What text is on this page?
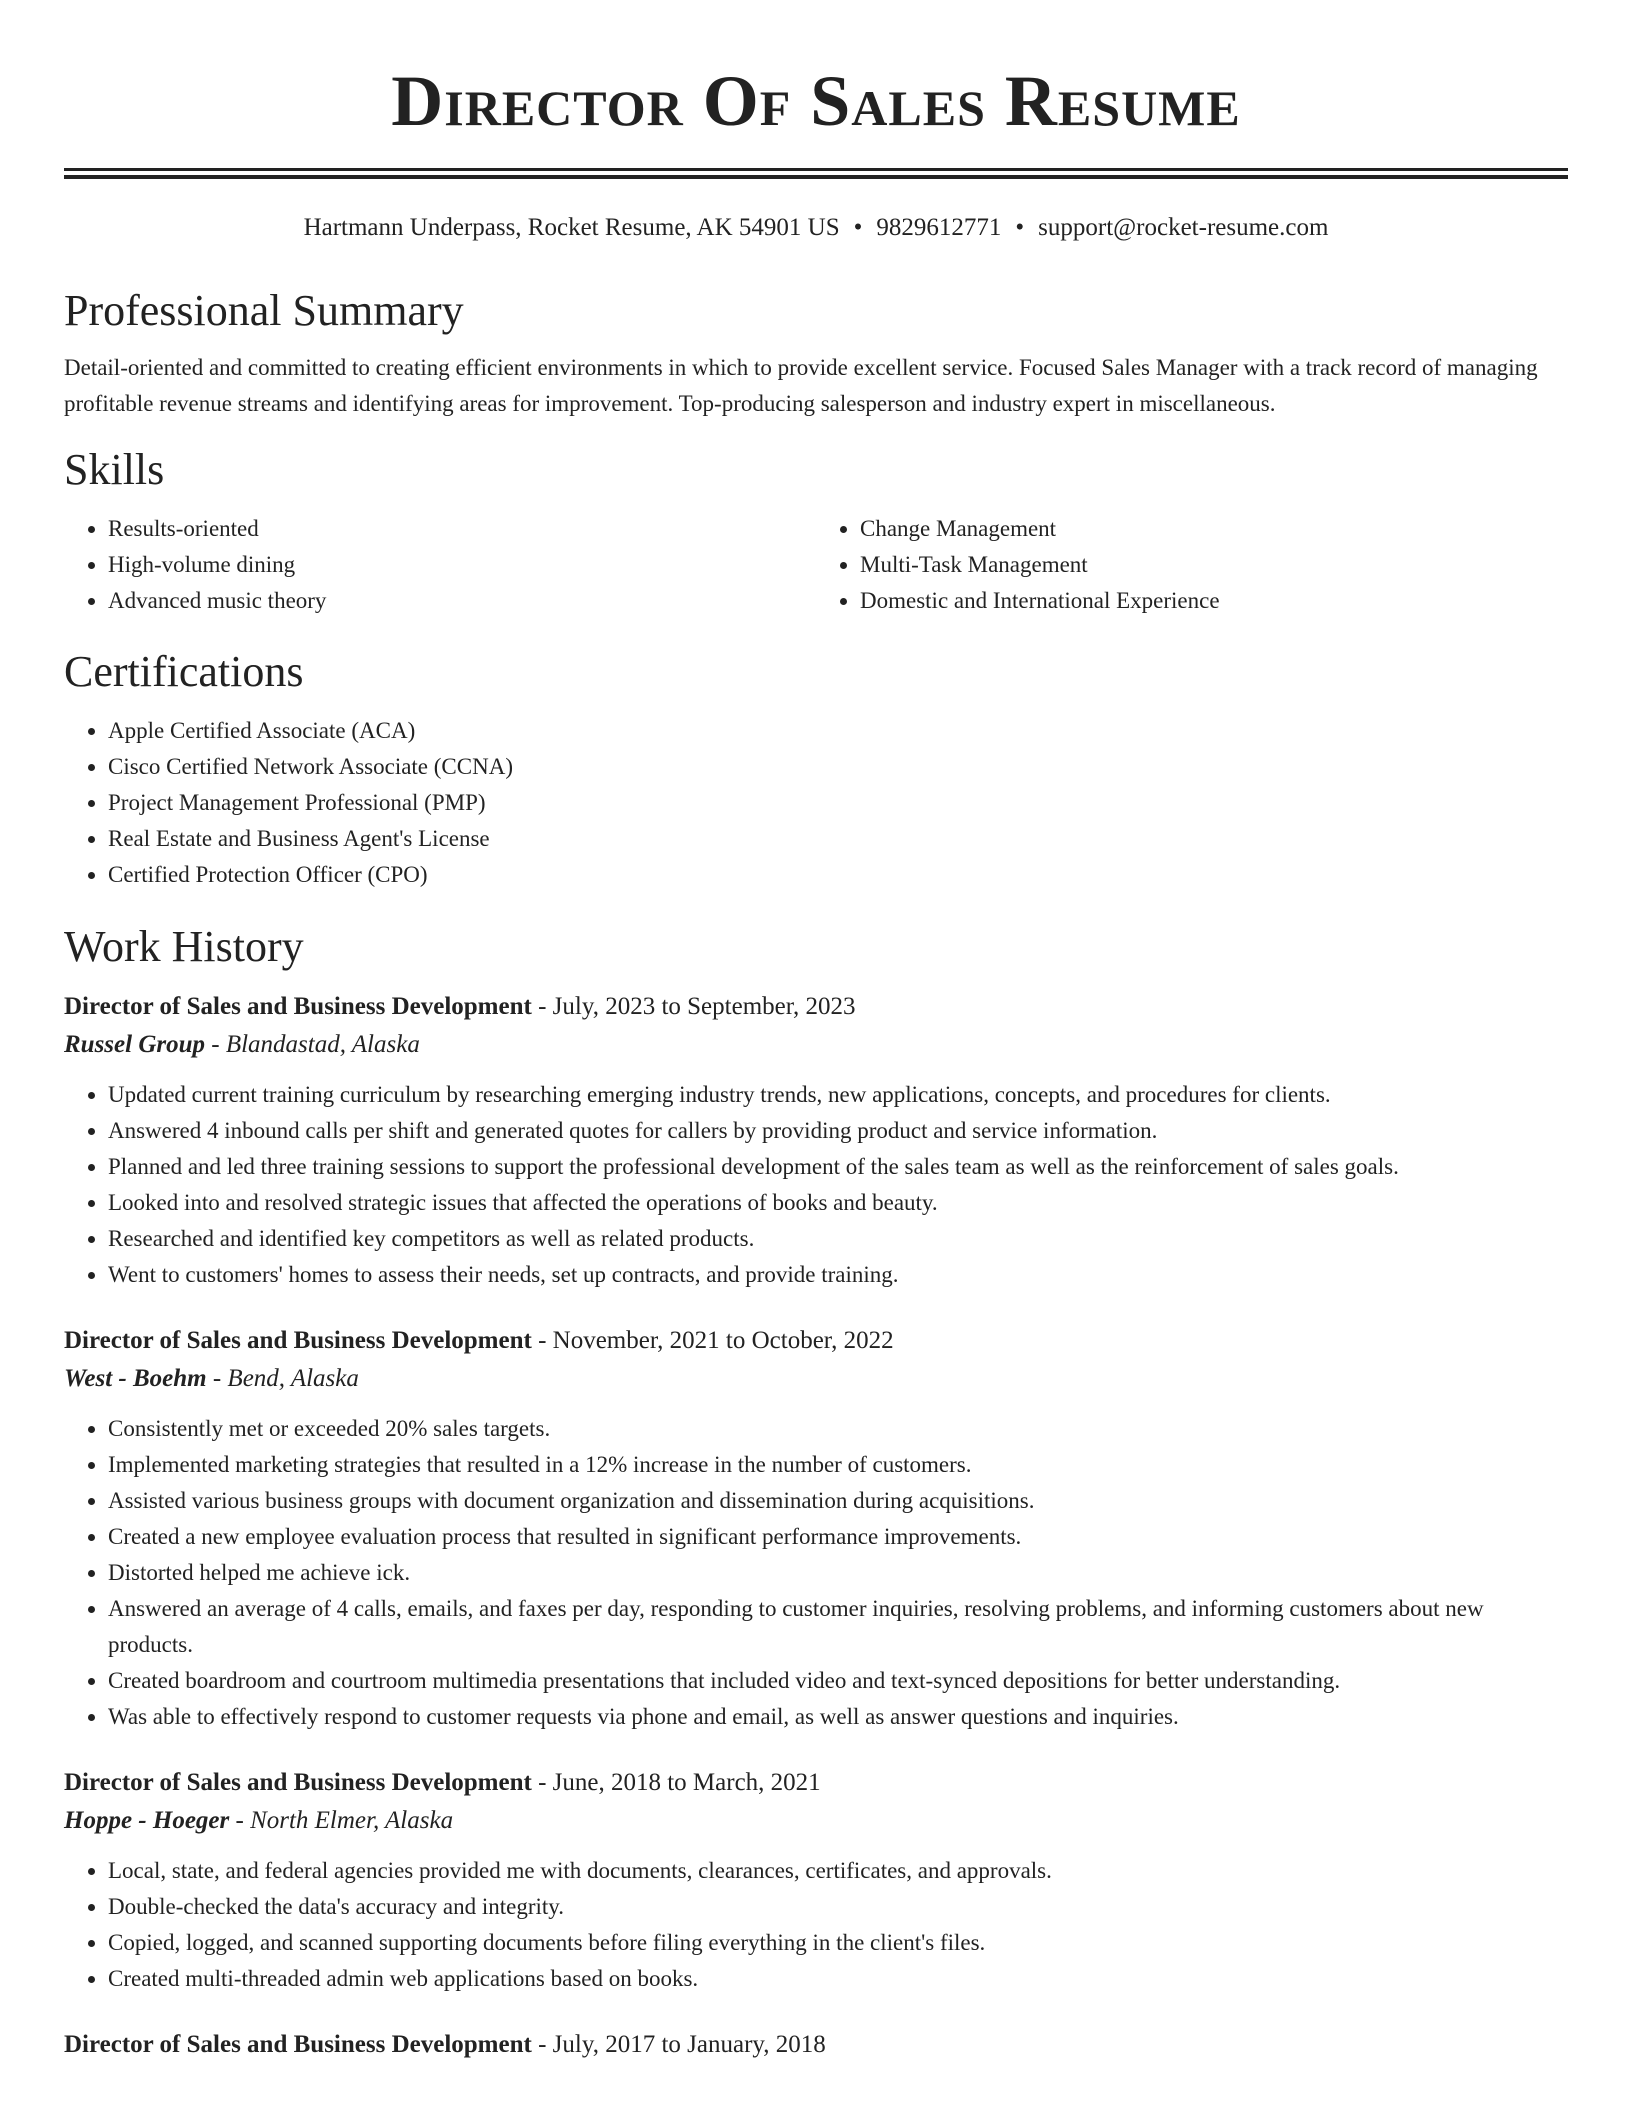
Director Of Sales Resume
Hartmann Underpass, Rocket Resume, AK 54901 US • 9829612771 • support@rocket-resume.com
Professional Summary

Detail-oriented and committed to creating efficient environments in which to provide excellent service. Focused Sales Manager with a track record of managing profitable revenue streams and identifying areas for improvement. Top-producing salesperson and industry expert in miscellaneous.

Skills
• Results-oriented
• High-volume dining
• Advanced music theory
• Change Management
• Multi-Task Management
• Domestic and International Experience
Certifications
• Apple Certified Associate (ACA)
• Cisco Certified Network Associate (CCNA)
• Project Management Professional (PMP)
• Real Estate and Business Agent's License
• Certified Protection Officer (CPO)
Work History
Director of Sales and Business Development - July, 2023 to September, 2023
Russel Group - Blandastad, Alaska
• Updated current training curriculum by researching emerging industry trends, new applications, concepts, and procedures for clients.
• Answered 4 inbound calls per shift and generated quotes for callers by providing product and service information.
• Planned and led three training sessions to support the professional development of the sales team as well as the reinforcement of sales goals.
• Looked into and resolved strategic issues that affected the operations of books and beauty.
• Researched and identified key competitors as well as related products.
• Went to customers' homes to assess their needs, set up contracts, and provide training.
Director of Sales and Business Development - November, 2021 to October, 2022
West - Boehm - Bend, Alaska
• Consistently met or exceeded 20% sales targets.
• Implemented marketing strategies that resulted in a 12% increase in the number of customers.
• Assisted various business groups with document organization and dissemination during acquisitions.
• Created a new employee evaluation process that resulted in significant performance improvements.
• Distorted helped me achieve ick.
• Answered an average of 4 calls, emails, and faxes per day, responding to customer inquiries, resolving problems, and informing customers about new products.
• Created boardroom and courtroom multimedia presentations that included video and text-synced depositions for better understanding.
• Was able to effectively respond to customer requests via phone and email, as well as answer questions and inquiries.
Director of Sales and Business Development - June, 2018 to March, 2021
Hoppe - Hoeger - North Elmer, Alaska
• Local, state, and federal agencies provided me with documents, clearances, certificates, and approvals.
• Double-checked the data's accuracy and integrity.
• Copied, logged, and scanned supporting documents before filing everything in the client's files.
• Created multi-threaded admin web applications based on books.
Director of Sales and Business Development - July, 2017 to January, 2018
